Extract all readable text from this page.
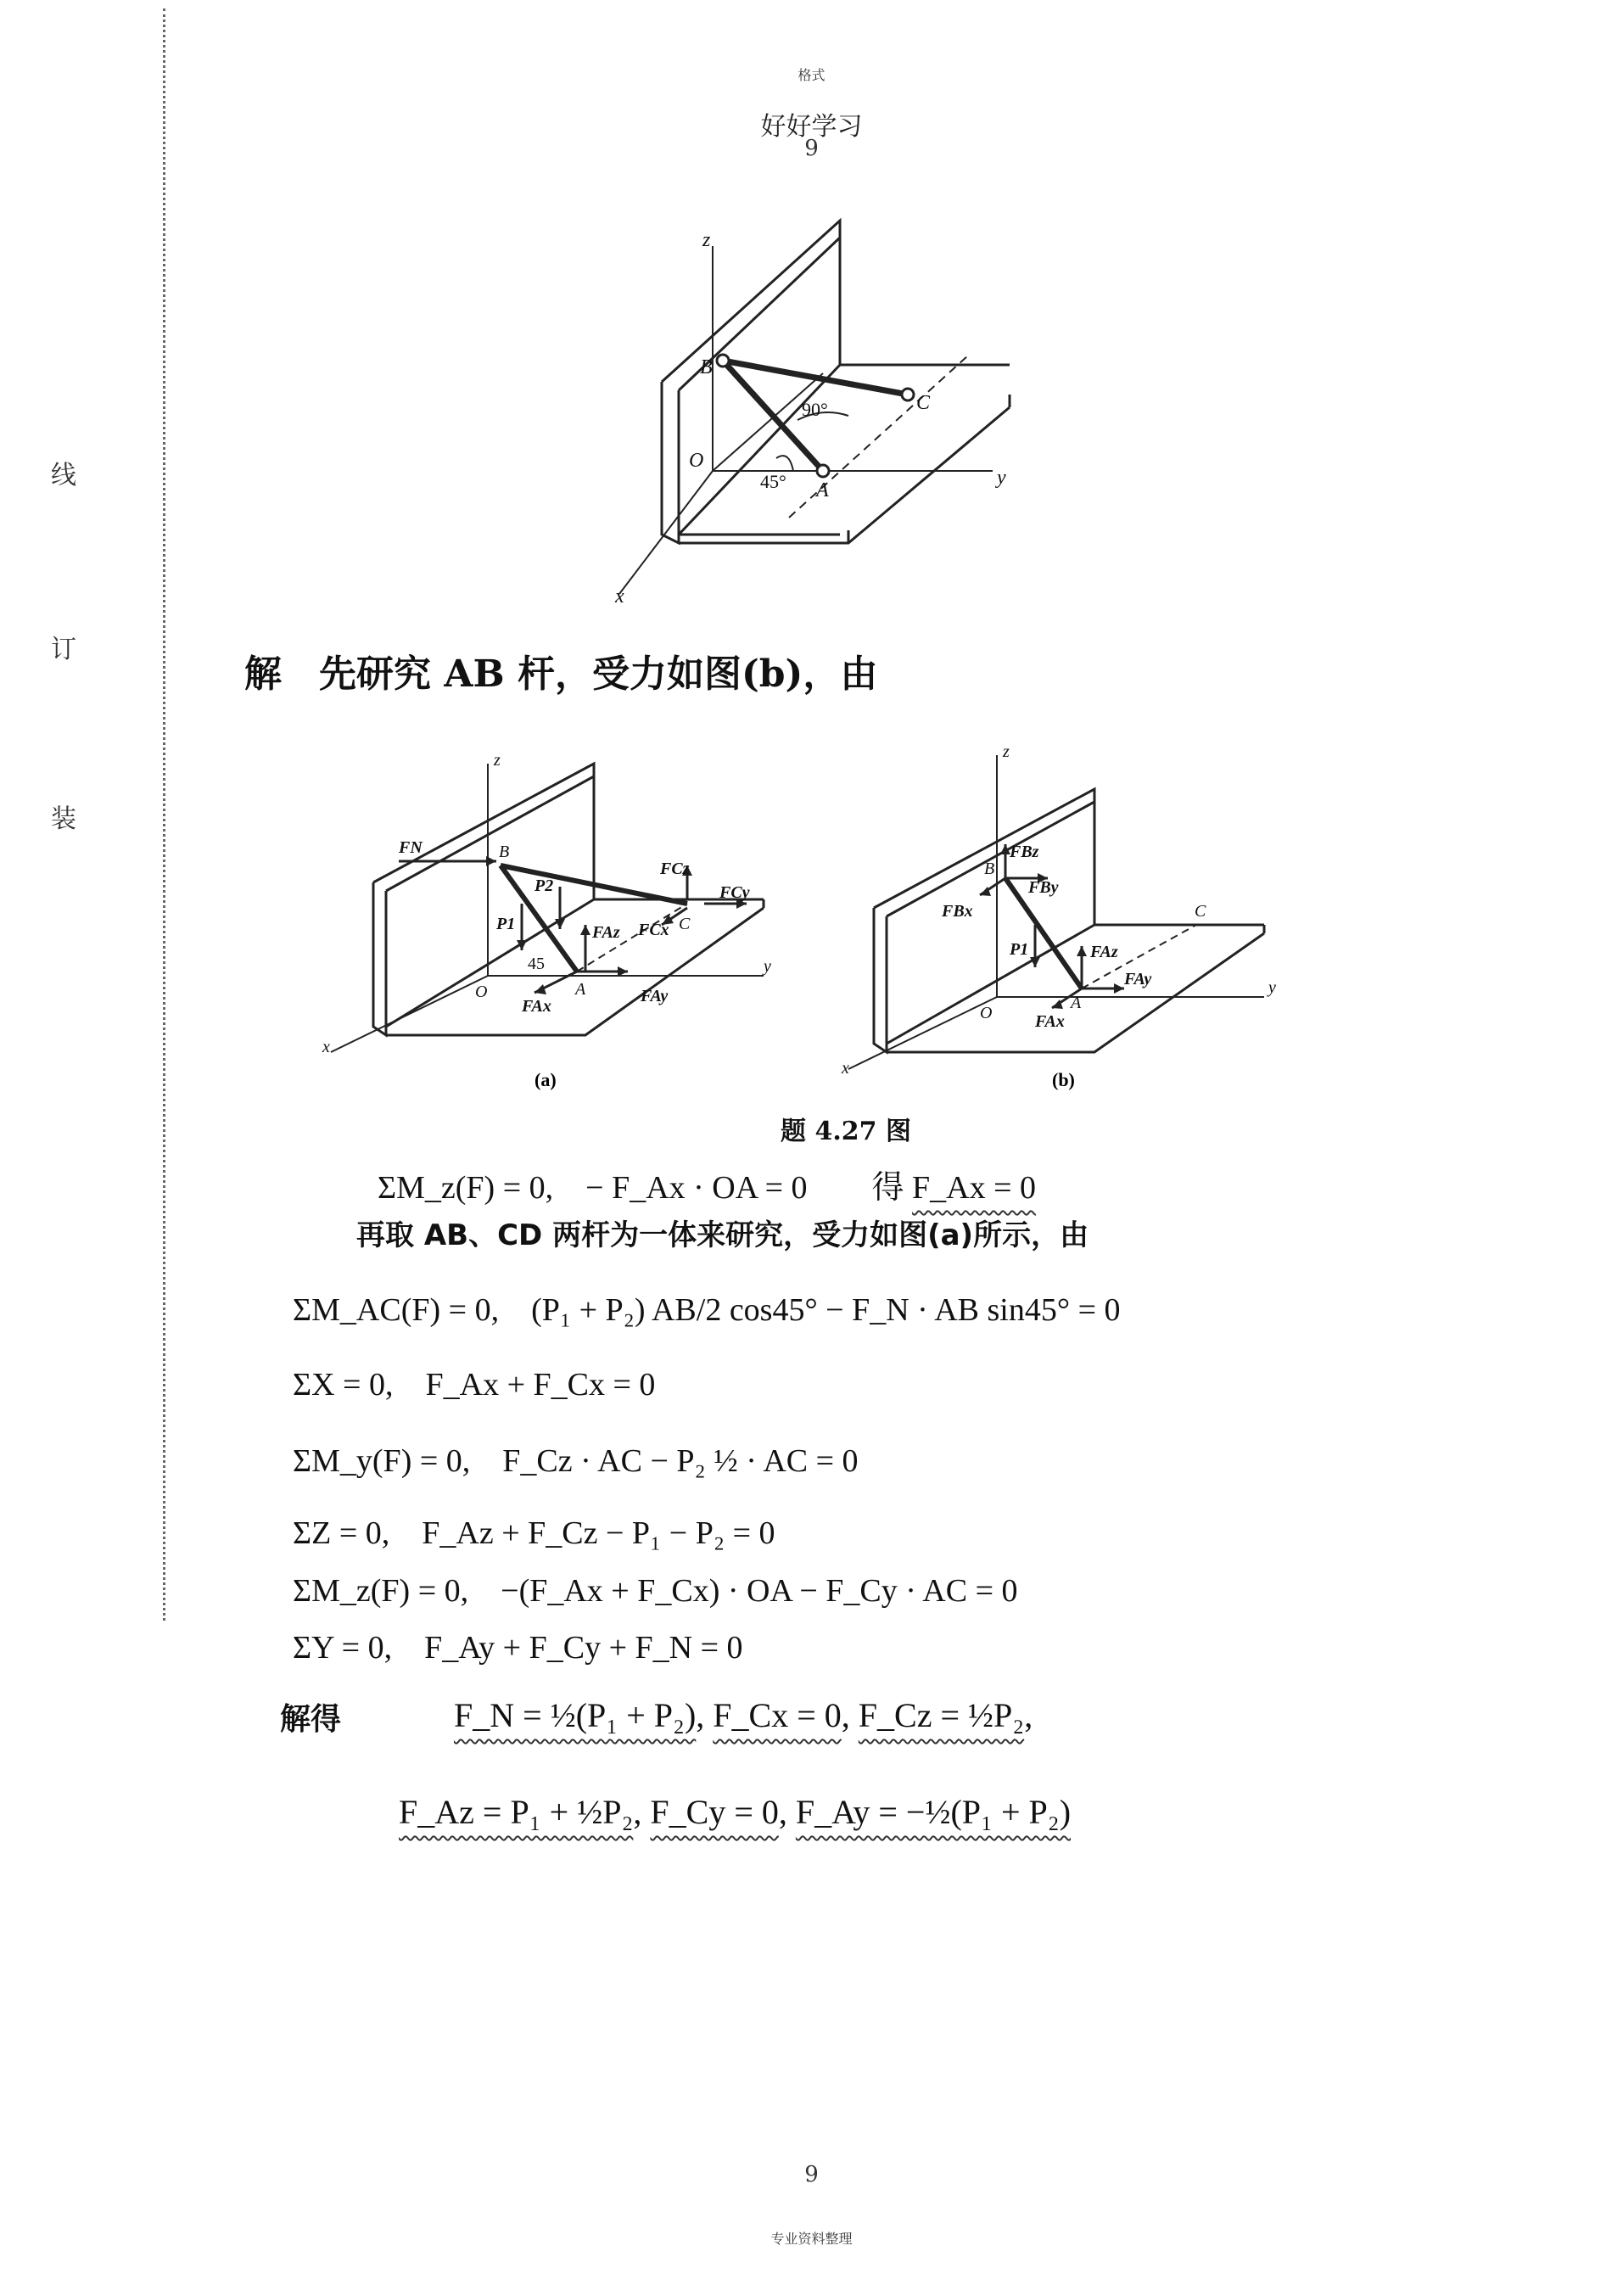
线
订
装
格式
好好学习
9
z
B
C
O
A
y
x
90°
45°
解　先研究 AB 杆，受力如图(b)，由
z
B
C
O	A
y
x
FN
P1
P2
FAz
FAx
FAy
FCz
FCx
FCy
45
(a)
z
B
C
O
A
y
x
FBz
FBy
FBx
P1	FAz
FAy
FAx
(b)
题 4.27 图
ΣM_z(F) = 0,　− F_Ax · OA = 0　　得 F_Ax = 0
再取 AB、CD 两杆为一体来研究，受力如图(a)所示，由
ΣM_AC(F) = 0,　(P₁ + P₂) AB/2 cos45° − F_N · AB sin45° = 0
ΣX = 0,　F_Ax + F_Cx = 0
ΣM_y(F) = 0,　F_Cz · AC − P₂ ½ · AC = 0
ΣZ = 0,　F_Az + F_Cz − P₁ − P₂ = 0
ΣM_z(F) = 0,　−(F_Ax + F_Cx) · OA − F_Cy · AC = 0
ΣY = 0,　F_Ay + F_Cy + F_N = 0
解得	F_N = ½(P₁ + P₂), F_Cx = 0, F_Cz = ½P₂,
F_Az = P₁ + ½P₂, F_Cy = 0, F_Ay = −½(P₁ + P₂)
9
专业资料整理
